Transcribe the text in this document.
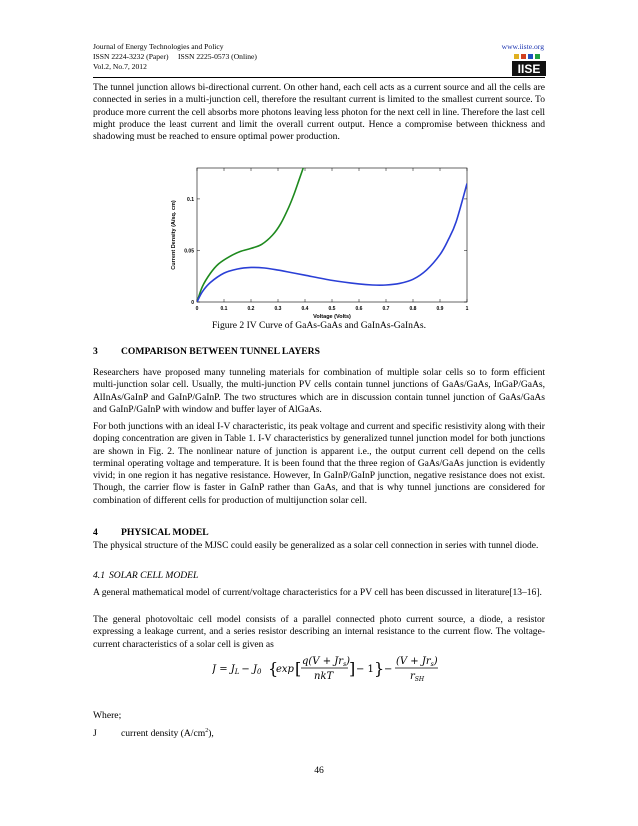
Journal of Energy Technologies and Policy
ISSN 2224-3232 (Paper)     ISSN 2225-0573 (Online)
Vol.2, No.7, 2012
www.iiste.org
IISE

The tunnel junction allows bi-directional current. On other hand, each cell acts as a current source and all the cells are connected in series in a multi-junction cell, therefore the resultant current is limited to the smallest current source. To produce more current the cell absorbs more photons leaving less photon for the next cell in line. Therefore the last cell might produce the least current and limit the overall current output. Hence a compromise between thickness and shadowing must be reached to ensure optimal power production.

0	0.1	0.2	0.3	0.4	0.5	0.6	0.7	0.8	0.9	1
0
0.05
0.1
Voltage (Volts)
Current Density (A/sq. cm)
Figure 2 IV Curve of GaAs-GaAs and GaInAs-GaInAs.
3 COMPARISON BETWEEN TUNNEL LAYERS

Researchers have proposed many tunneling materials for combination of multiple solar cells so to form efficient multi-junction solar cell. Usually, the multi-junction PV cells contain tunnel junctions of GaAs/GaAs, InGaP/GaAs, AlInAs/GaInP and GaInP/GaInP. The two structures which are in discussion contain tunnel junction of GaAs/GaAs and GaInP/GaInP with window and buffer layer of AlGaAs.

For both junctions with an ideal I-V characteristic, its peak voltage and current and specific resistivity along with their doping concentration are given in Table 1. I-V characteristics by generalized tunnel junction model for both junctions are shown in Fig. 2. The nonlinear nature of junction is apparent i.e., the output current cell depend on the cells terminal operating voltage and temperature. It is been found that the three region of GaAs/GaAs junction is evidently vivid; in one region it has negative resistance. However, In GaInP/GaInP junction, negative resistance does not exist. Though, the carrier flow is faster in GaInP rather than GaAs, and that is why tunnel junctions are considered for combination of different cells for production of multijunction solar cell.

4 PHYSICAL MODEL

The physical structure of the MJSC could easily be generalized as a solar cell connection in series with tunnel diode.

4.1 SOLAR CELL MODEL

A general mathematical model of current/voltage characteristics for a PV cell has been discussed in literature[13–16].

The general photovoltaic cell model consists of a parallel connected photo current source, a diode, a resistor expressing a leakage current, and a series resistor describing an internal resistance to the current flow. The voltage- current characteristics of a solar cell is given as

$J = J_L - J_0$ {
exp [ $q(V + Jr_s)$
nkT ] − 1 } −
$(V + Jr_s)$
$r_{SH}$
Where;
J	current density $(A/cm^2)$,
46
